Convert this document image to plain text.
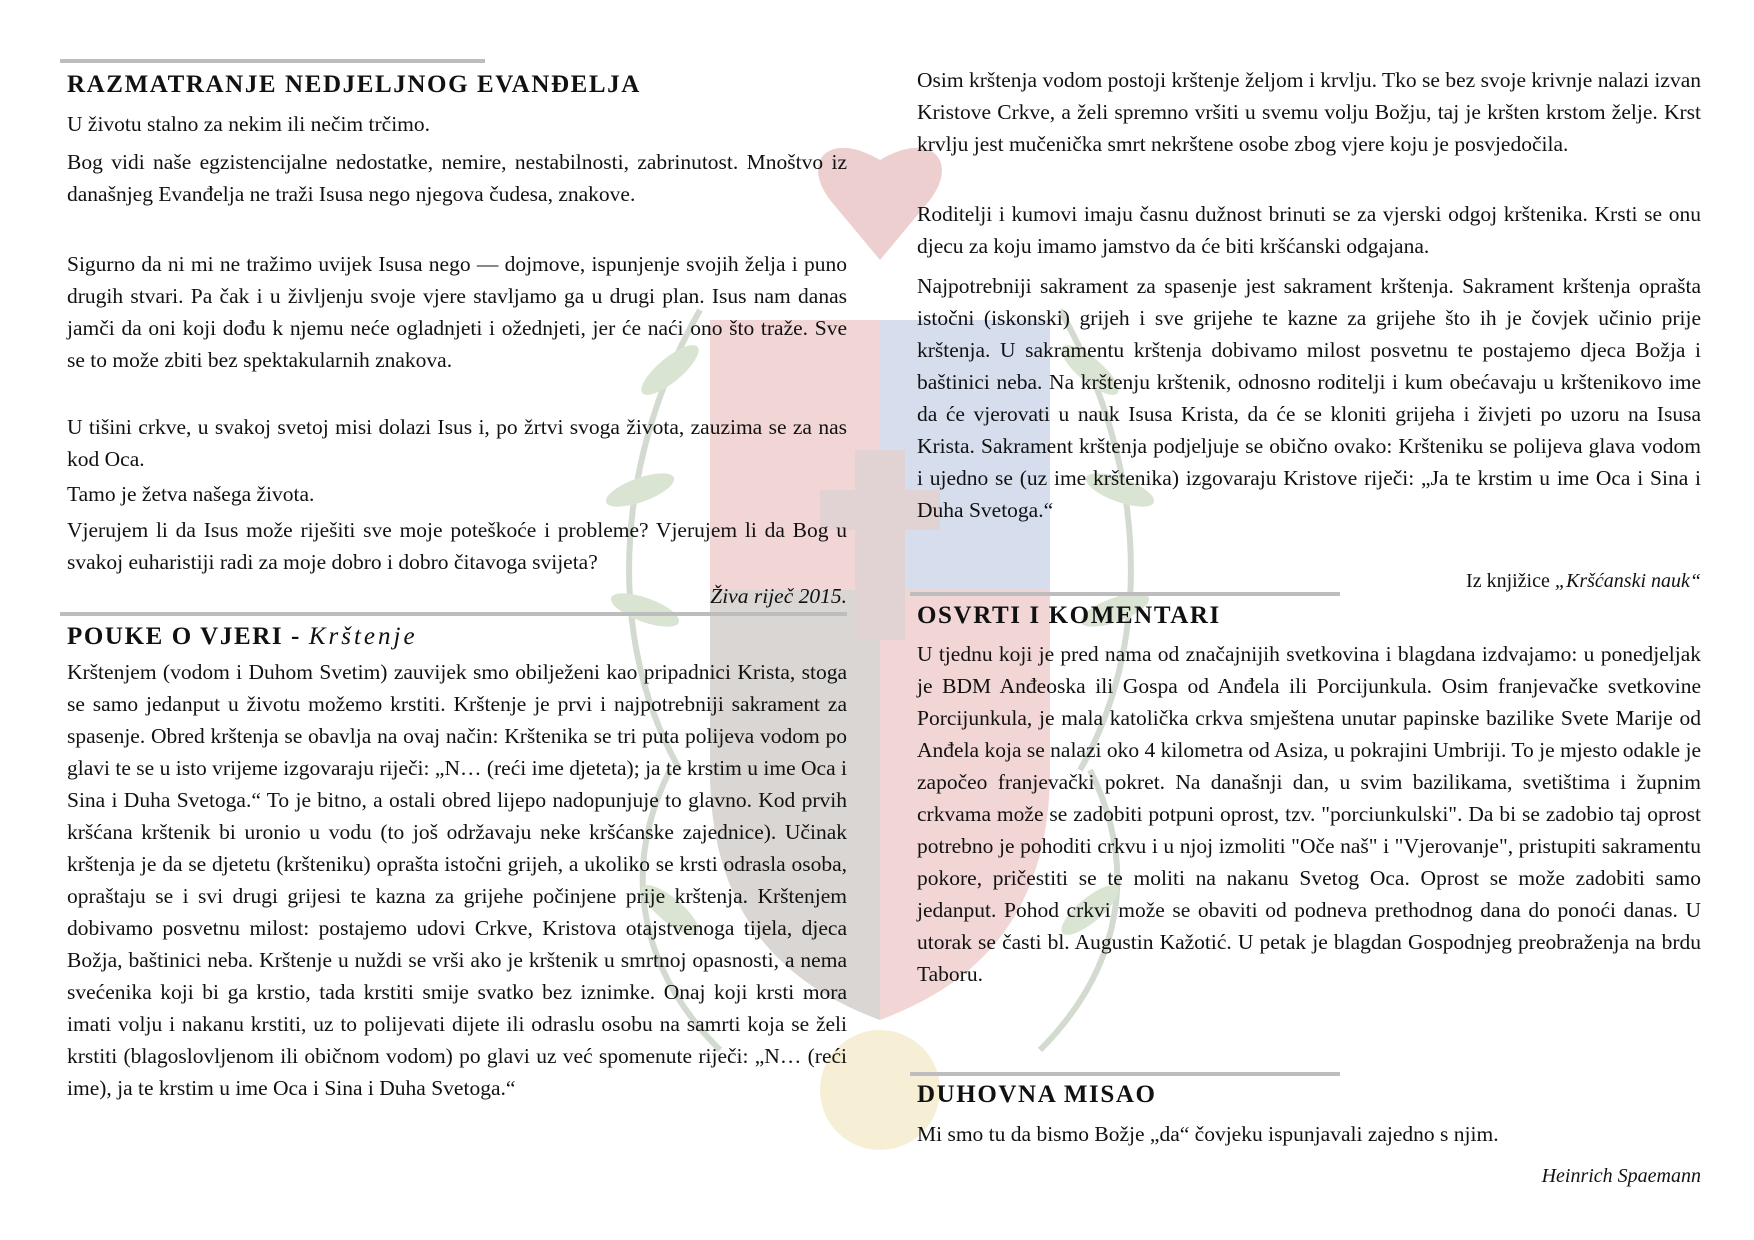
RAZMATRANJE NEDJELJNOG EVANĐELJA

U životu stalno za nekim ili nečim trčimo.

Bog vidi naše egzistencijalne nedostatke, nemire, nestabilnosti, zabrinutost. Mnoštvo iz današnjeg Evanđelja ne traži Isusa nego njegova čudesa, znakove.

Sigurno da ni mi ne tražimo uvijek Isusa nego — dojmove, ispunjenje svojih želja i puno drugih stvari. Pa čak i u življenju svoje vjere stavljamo ga u drugi plan. Isus nam danas jamči da oni koji dođu k njemu neće ogladnjeti i ožednjeti, jer će naći ono što traže. Sve se to može zbiti bez spektakularnih znakova.

U tišini crkve, u svakoj svetoj misi dolazi Isus i, po žrtvi svoga života, zauzima se za nas kod Oca.

Tamo je žetva našega života.

Vjerujem li da Isus može riješiti sve moje poteškoće i probleme? Vjerujem li da Bog u svakoj euharistiji radi za moje dobro i dobro čitavoga svijeta?

Živa riječ 2015.

POUKE O VJERI - Krštenje

Krštenjem (vodom i Duhom Svetim) zauvijek smo obilježeni kao pripadnici Krista, stoga se samo jedanput u životu možemo krstiti. Krštenje je prvi i najpotrebniji sakrament za spasenje. Obred krštenja se obavlja na ovaj način: Krštenika se tri puta polijeva vodom po glavi te se u isto vrijeme izgovaraju riječi: „N… (reći ime djeteta); ja te krstim u ime Oca i Sina i Duha Svetoga.“ To je bitno, a ostali obred lijepo nadopunjuje to glavno. Kod prvih kršćana krštenik bi uronio u vodu (to još održavaju neke kršćanske zajednice). Učinak krštenja je da se djetetu (kršteniku) oprašta istočni grijeh, a ukoliko se krsti odrasla osoba, opraštaju se i svi drugi grijesi te kazna za grijehe počinjene prije krštenja. Krštenjem dobivamo posvetnu milost: postajemo udovi Crkve, Kristova otajstvenoga tijela, djeca Božja, baštinici neba. Krštenje u nuždi se vrši ako je krštenik u smrtnoj opasnosti, a nema svećenika koji bi ga krstio, tada krstiti smije svatko bez iznimke. Onaj koji krsti mora imati volju i nakanu krstiti, uz to polijevati dijete ili odraslu osobu na samrti koja se želi krstiti (blagoslovljenom ili običnom vodom) po glavi uz već spomenute riječi: „N… (reći ime), ja te krstim u ime Oca i Sina i Duha Svetoga.“

Osim krštenja vodom postoji krštenje željom i krvlju. Tko se bez svoje krivnje nalazi izvan Kristove Crkve, a želi spremno vršiti u svemu volju Božju, taj je kršten krstom želje. Krst krvlju jest mučenička smrt nekrštene osobe zbog vjere koju je posvjedočila.

Roditelji i kumovi imaju časnu dužnost brinuti se za vjerski odgoj krštenika. Krsti se onu djecu za koju imamo jamstvo da će biti kršćanski odgajana.

Najpotrebniji sakrament za spasenje jest sakrament krštenja. Sakrament krštenja oprašta istočni (iskonski) grijeh i sve grijehe te kazne za grijehe što ih je čovjek učinio prije krštenja. U sakramentu krštenja dobivamo milost posvetnu te postajemo djeca Božja i baštinici neba. Na krštenju krštenik, odnosno roditelji i kum obećavaju u krštenikovo ime da će vjerovati u nauk Isusa Krista, da će se kloniti grijeha i živjeti po uzoru na Isusa Krista. Sakrament krštenja podjeljuje se obično ovako: Kršteniku se polijeva glava vodom i ujedno se (uz ime krštenika) izgovaraju Kristove riječi: „Ja te krstim u ime Oca i Sina i Duha Svetoga.“

Iz knjižice „Kršćanski nauk“

OSVRTI I KOMENTARI

U tjednu koji je pred nama od značajnijih svetkovina i blagdana izdvajamo: u ponedjeljak je BDM Anđeoska ili Gospa od Anđela ili Porcijunkula. Osim franjevačke svetkovine Porcijunkula, je mala katolička crkva smještena unutar papinske bazilike Svete Marije od Anđela koja se nalazi oko 4 kilometra od Asiza, u pokrajini Umbriji. To je mjesto odakle je započeo franjevački pokret. Na današnji dan, u svim bazilikama, svetištima i župnim crkvama može se zadobiti potpuni oprost, tzv. "porciunkulski". Da bi se zadobio taj oprost potrebno je pohoditi crkvu i u njoj izmoliti "Oče naš" i "Vjerovanje", pristupiti sakramentu pokore, pričestiti se te moliti na nakanu Svetog Oca. Oprost se može zadobiti samo jedanput. Pohod crkvi može se obaviti od podneva prethodnog dana do ponoći danas. U utorak se časti bl. Augustin Kažotić. U petak je blagdan Gospodnjeg preobraženja na brdu Taboru.

DUHOVNA MISAO

Mi smo tu da bismo Božje „da“ čovjeku ispunjavali zajedno s njim.

Heinrich Spaemann
